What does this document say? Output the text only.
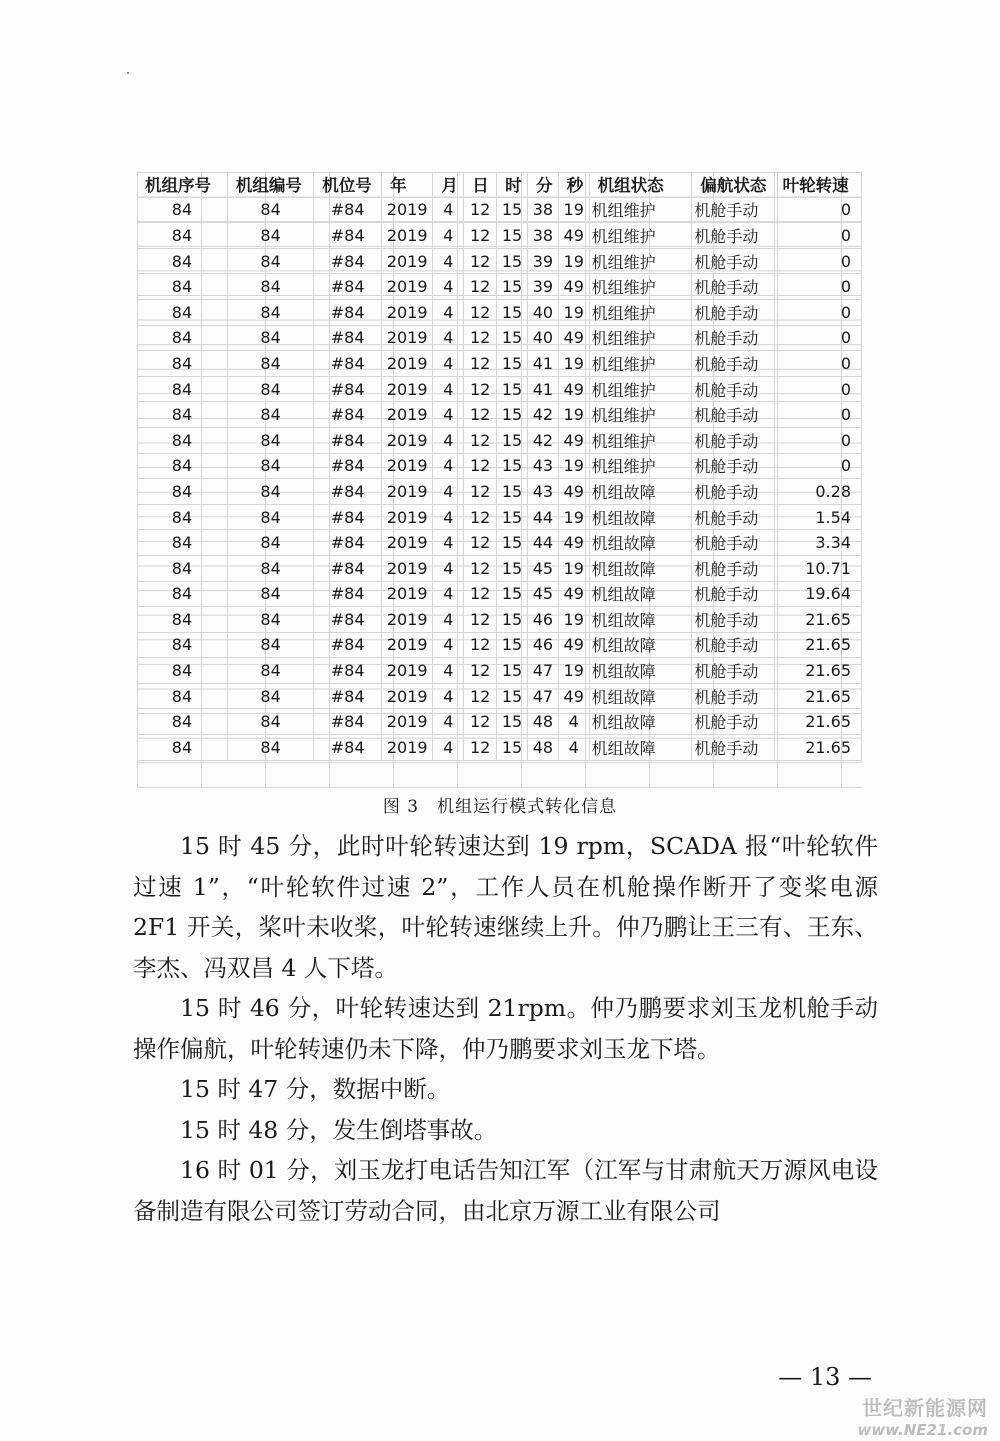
机组序号	机组编号	机位号	年	月	日	时	分	秒	机组状态	偏航状态	叶轮转速
84	84	#84	2019	4	12	15	38	19	机组维护	机舱手动	0
84	84	#84	2019	4	12	15	38	49	机组维护	机舱手动	0
84	84	#84	2019	4	12	15	39	19	机组维护	机舱手动	0
84	84	#84	2019	4	12	15	39	49	机组维护	机舱手动	0
84	84	#84	2019	4	12	15	40	19	机组维护	机舱手动	0
84	84	#84	2019	4	12	15	40	49	机组维护	机舱手动	0
84	84	#84	2019	4	12	15	41	19	机组维护	机舱手动	0
84	84	#84	2019	4	12	15	41	49	机组维护	机舱手动	0
84	84	#84	2019	4	12	15	42	19	机组维护	机舱手动	0
84	84	#84	2019	4	12	15	42	49	机组维护	机舱手动	0
84	84	#84	2019	4	12	15	43	19	机组维护	机舱手动	0
84	84	#84	2019	4	12	15	43	49	机组故障	机舱手动	0.28
84	84	#84	2019	4	12	15	44	19	机组故障	机舱手动	1.54
84	84	#84	2019	4	12	15	44	49	机组故障	机舱手动	3.34
84	84	#84	2019	4	12	15	45	19	机组故障	机舱手动	10.71
84	84	#84	2019	4	12	15	45	49	机组故障	机舱手动	19.64
84	84	#84	2019	4	12	15	46	19	机组故障	机舱手动	21.65
84	84	#84	2019	4	12	15	46	49	机组故障	机舱手动	21.65
84	84	#84	2019	4	12	15	47	19	机组故障	机舱手动	21.65
84	84	#84	2019	4	12	15	47	49	机组故障	机舱手动	21.65
84	84	#84	2019	4	12	15	48	4	机组故障	机舱手动	21.65
84	84	#84	2019	4	12	15	48	4	机组故障	机舱手动	21.65
图 3　机组运行模式转化信息

15 时 45 分，此时叶轮转速达到 19 rpm，SCADA 报“叶轮软件过速 1”，“叶轮软件过速 2”，工作人员在机舱操作断开了变桨电源 2F1 开关，桨叶未收桨，叶轮转速继续上升。仲乃鹏让王三有、王东、李杰、冯双昌 4 人下塔。

15 时 46 分，叶轮转速达到 21rpm。仲乃鹏要求刘玉龙机舱手动操作偏航，叶轮转速仍未下降，仲乃鹏要求刘玉龙下塔。

15 时 47 分，数据中断。

15 时 48 分，发生倒塔事故。

16 时 01 分，刘玉龙打电话告知江军（江军与甘肃航天万源风电设备制造有限公司签订劳动合同，由北京万源工业有限公司

— 13 —
世纪新能源网
www.NE21.com
